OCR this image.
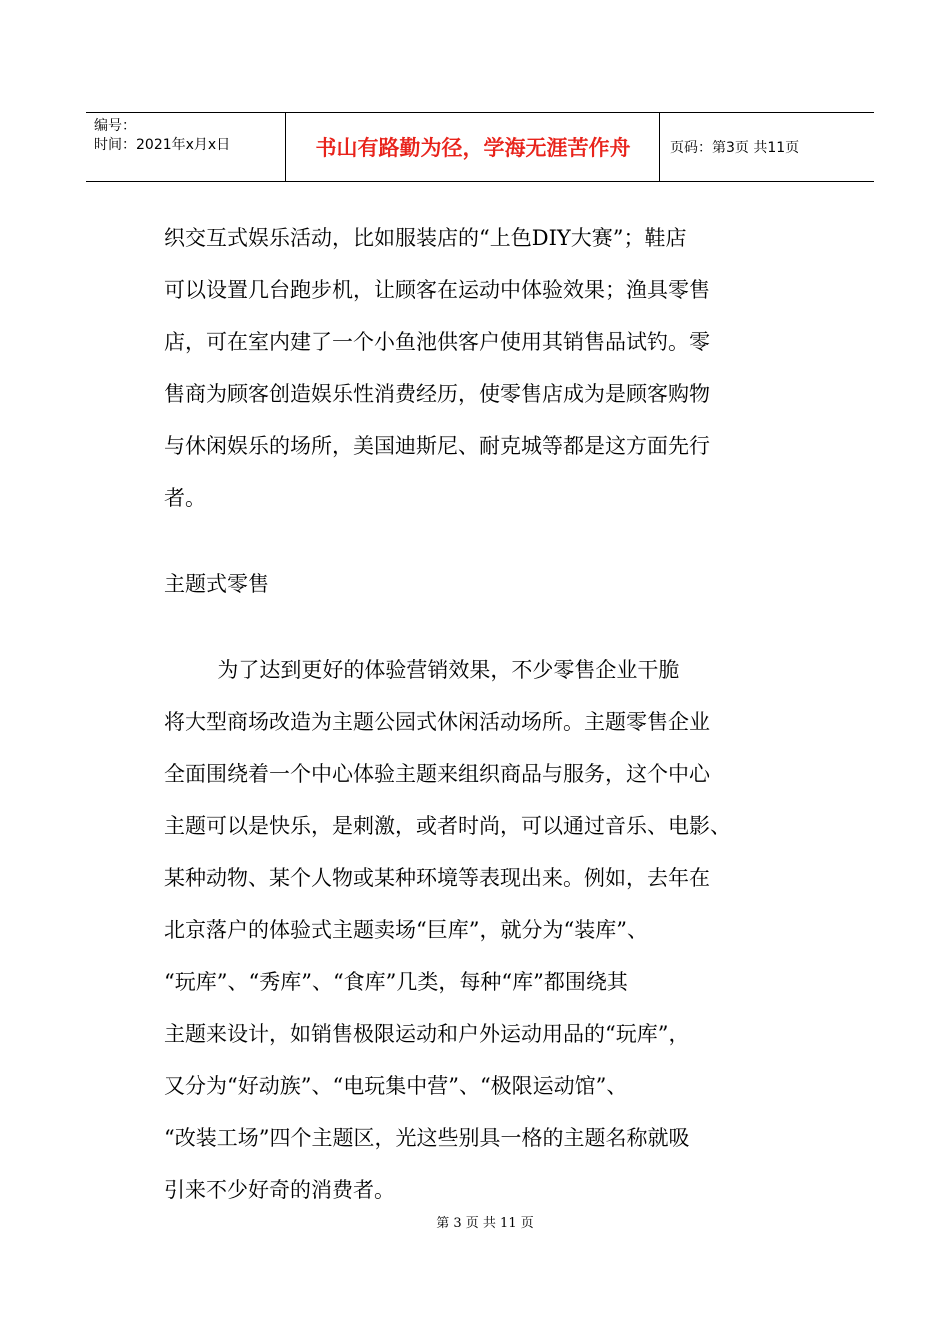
编号：
时间：2021年x月x日	书山有路勤为径，学海无涯苦作舟	页码：第3页 共11页
织交互式娱乐活动，比如服装店的“上色DIY大赛”；鞋店
可以设置几台跑步机，让顾客在运动中体验效果；渔具零售
店，可在室内建了一个小鱼池供客户使用其销售品试钓。零
售商为顾客创造娱乐性消费经历，使零售店成为是顾客购物
与休闲娱乐的场所，美国迪斯尼、耐克城等都是这方面先行
者。
主题式零售
为了达到更好的体验营销效果，不少零售企业干脆
将大型商场改造为主题公园式休闲活动场所。主题零售企业
全面围绕着一个中心体验主题来组织商品与服务，这个中心
主题可以是快乐，是刺激，或者时尚，可以通过音乐、电影、
某种动物、某个人物或某种环境等表现出来。例如，去年在
北京落户的体验式主题卖场“巨库”，就分为“装库”、
“玩库”、“秀库”、“食库”几类，每种“库”都围绕其
主题来设计，如销售极限运动和户外运动用品的“玩库”，
又分为“好动族”、“电玩集中营”、“极限运动馆”、
“改装工场”四个主题区，光这些别具一格的主题名称就吸
引来不少好奇的消费者。
第 3 页 共 11 页
